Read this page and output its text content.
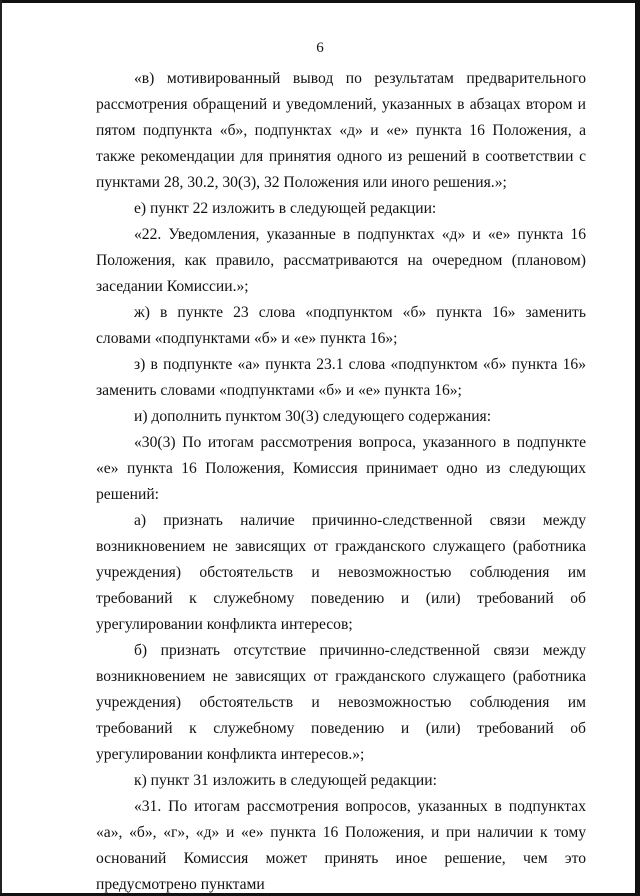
6

«в) мотивированный вывод по результатам предварительного рассмотрения обращений и уведомлений, указанных в абзацах втором и пятом подпункта «б», подпунктах «д» и «е» пункта 16 Положения, а также рекомендации для принятия одного из решений в соответствии с пунктами 28, 30.2, 30(3), 32 Положения или иного решения.»;

е) пункт 22 изложить в следующей редакции:

«22. Уведомления, указанные в подпунктах «д» и «е» пункта 16 Положения, как правило, рассматриваются на очередном (плановом) заседании Комиссии.»;

ж) в пункте 23 слова «подпунктом «б» пункта 16» заменить словами «подпунктами «б» и «е» пункта 16»;

з) в подпункте «а» пункта 23.1 слова «подпунктом «б» пункта 16» заменить словами «подпунктами «б» и «е» пункта 16»;

и) дополнить пунктом 30(3) следующего содержания:

«30(3) По итогам рассмотрения вопроса, указанного в подпункте «е» пункта 16 Положения, Комиссия принимает одно из следующих решений:

а) признать наличие причинно-следственной связи между возникновением не зависящих от гражданского служащего (работника учреждения) обстоятельств и невозможностью соблюдения им требований к служебному поведению и (или) требований об урегулировании конфликта интересов;

б) признать отсутствие причинно-следственной связи между возникновением не зависящих от гражданского служащего (работника учреждения) обстоятельств и невозможностью соблюдения им требований к служебному поведению и (или) требований об урегулировании конфликта интересов.»;

к) пункт 31 изложить в следующей редакции:

«31. По итогам рассмотрения вопросов, указанных в подпунктах «а», «б», «г», «д» и «е» пункта 16 Положения, и при наличии к тому оснований Комиссия может принять иное решение, чем это предусмотрено пунктами
